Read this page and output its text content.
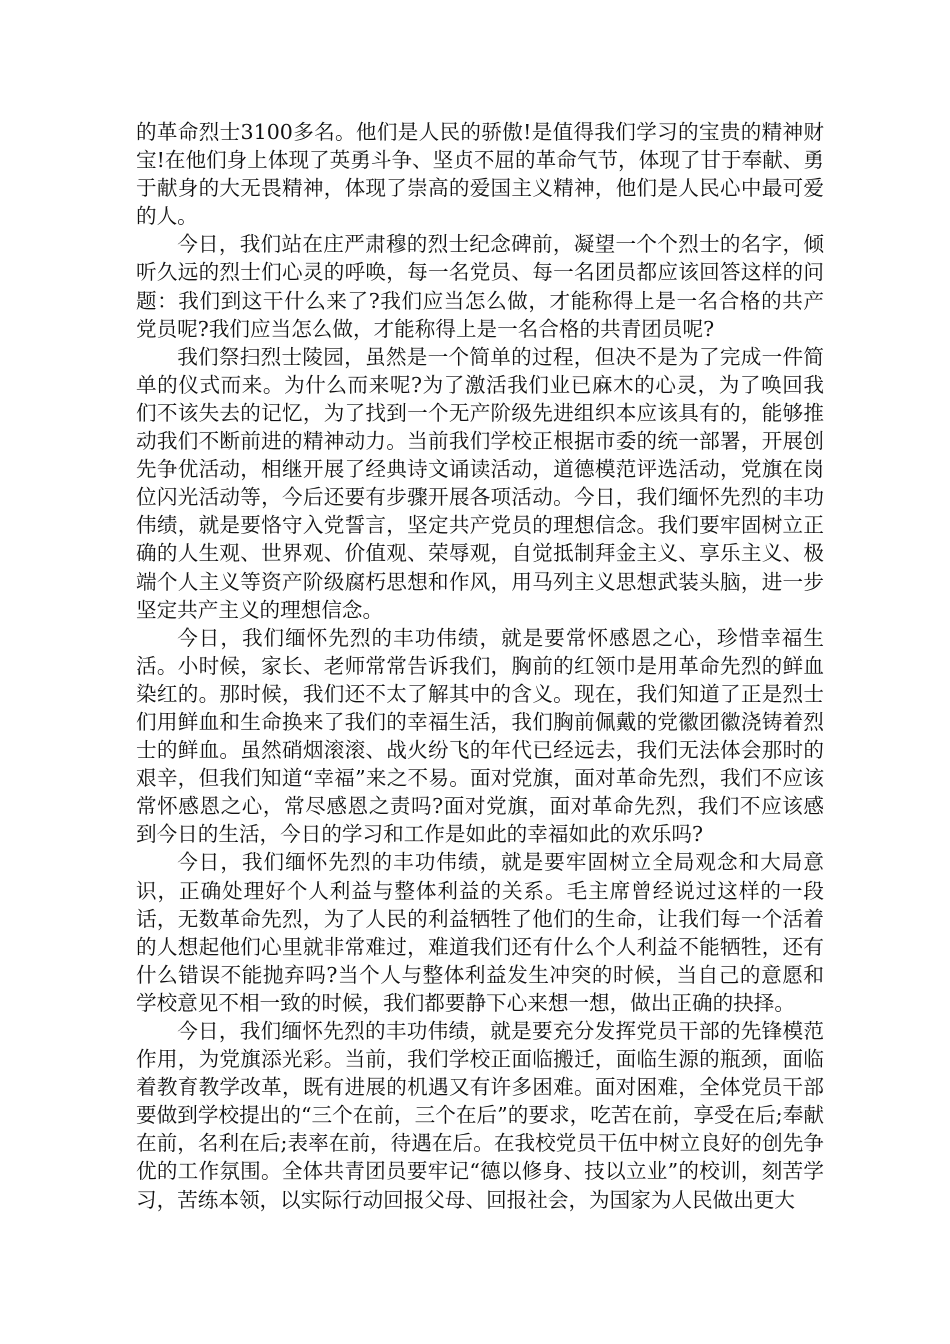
的革命烈士3100多名。他们是人民的骄傲!是值得我们学习的宝贵的精神财宝!在他们身上体现了英勇斗争、坚贞不屈的革命气节，体现了甘于奉献、勇于献身的大无畏精神，体现了崇高的爱国主义精神，他们是人民心中最可爱的人。

今日，我们站在庄严肃穆的烈士纪念碑前，凝望一个个烈士的名字，倾听久远的烈士们心灵的呼唤，每一名党员、每一名团员都应该回答这样的问题：我们到这干什么来了?我们应当怎么做，才能称得上是一名合格的共产党员呢?我们应当怎么做，才能称得上是一名合格的共青团员呢?

我们祭扫烈士陵园，虽然是一个简单的过程，但决不是为了完成一件简单的仪式而来。为什么而来呢?为了激活我们业已麻木的心灵，为了唤回我们不该失去的记忆，为了找到一个无产阶级先进组织本应该具有的，能够推动我们不断前进的精神动力。当前我们学校正根据市委的统一部署，开展创先争优活动，相继开展了经典诗文诵读活动，道德模范评选活动，党旗在岗位闪光活动等，今后还要有步骤开展各项活动。今日，我们缅怀先烈的丰功伟绩，就是要恪守入党誓言，坚定共产党员的理想信念。我们要牢固树立正确的人生观、世界观、价值观、荣辱观，自觉抵制拜金主义、享乐主义、极端个人主义等资产阶级腐朽思想和作风，用马列主义思想武装头脑，进一步坚定共产主义的理想信念。

今日，我们缅怀先烈的丰功伟绩，就是要常怀感恩之心，珍惜幸福生活。小时候，家长、老师常常告诉我们，胸前的红领巾是用革命先烈的鲜血染红的。那时候，我们还不太了解其中的含义。现在，我们知道了正是烈士们用鲜血和生命换来了我们的幸福生活，我们胸前佩戴的党徽团徽浇铸着烈士的鲜血。虽然硝烟滚滚、战火纷飞的年代已经远去，我们无法体会那时的艰辛，但我们知道“幸福”来之不易。面对党旗，面对革命先烈，我们不应该常怀感恩之心，常尽感恩之责吗?面对党旗，面对革命先烈，我们不应该感到今日的生活，今日的学习和工作是如此的幸福如此的欢乐吗?

今日，我们缅怀先烈的丰功伟绩，就是要牢固树立全局观念和大局意识，正确处理好个人利益与整体利益的关系。毛主席曾经说过这样的一段话，无数革命先烈，为了人民的利益牺牲了他们的生命，让我们每一个活着的人想起他们心里就非常难过，难道我们还有什么个人利益不能牺牲，还有什么错误不能抛弃吗?当个人与整体利益发生冲突的时候，当自己的意愿和学校意见不相一致的时候，我们都要静下心来想一想，做出正确的抉择。

今日，我们缅怀先烈的丰功伟绩，就是要充分发挥党员干部的先锋模范作用，为党旗添光彩。当前，我们学校正面临搬迁，面临生源的瓶颈，面临着教育教学改革，既有进展的机遇又有许多困难。面对困难，全体党员干部要做到学校提出的“三个在前，三个在后”的要求，吃苦在前，享受在后;奉献在前，名利在后;表率在前，待遇在后。在我校党员干伍中树立良好的创先争优的工作氛围。全体共青团员要牢记“德以修身、技以立业”的校训，刻苦学习，苦练本领，以实际行动回报父母、回报社会，为国家为人民做出更大
